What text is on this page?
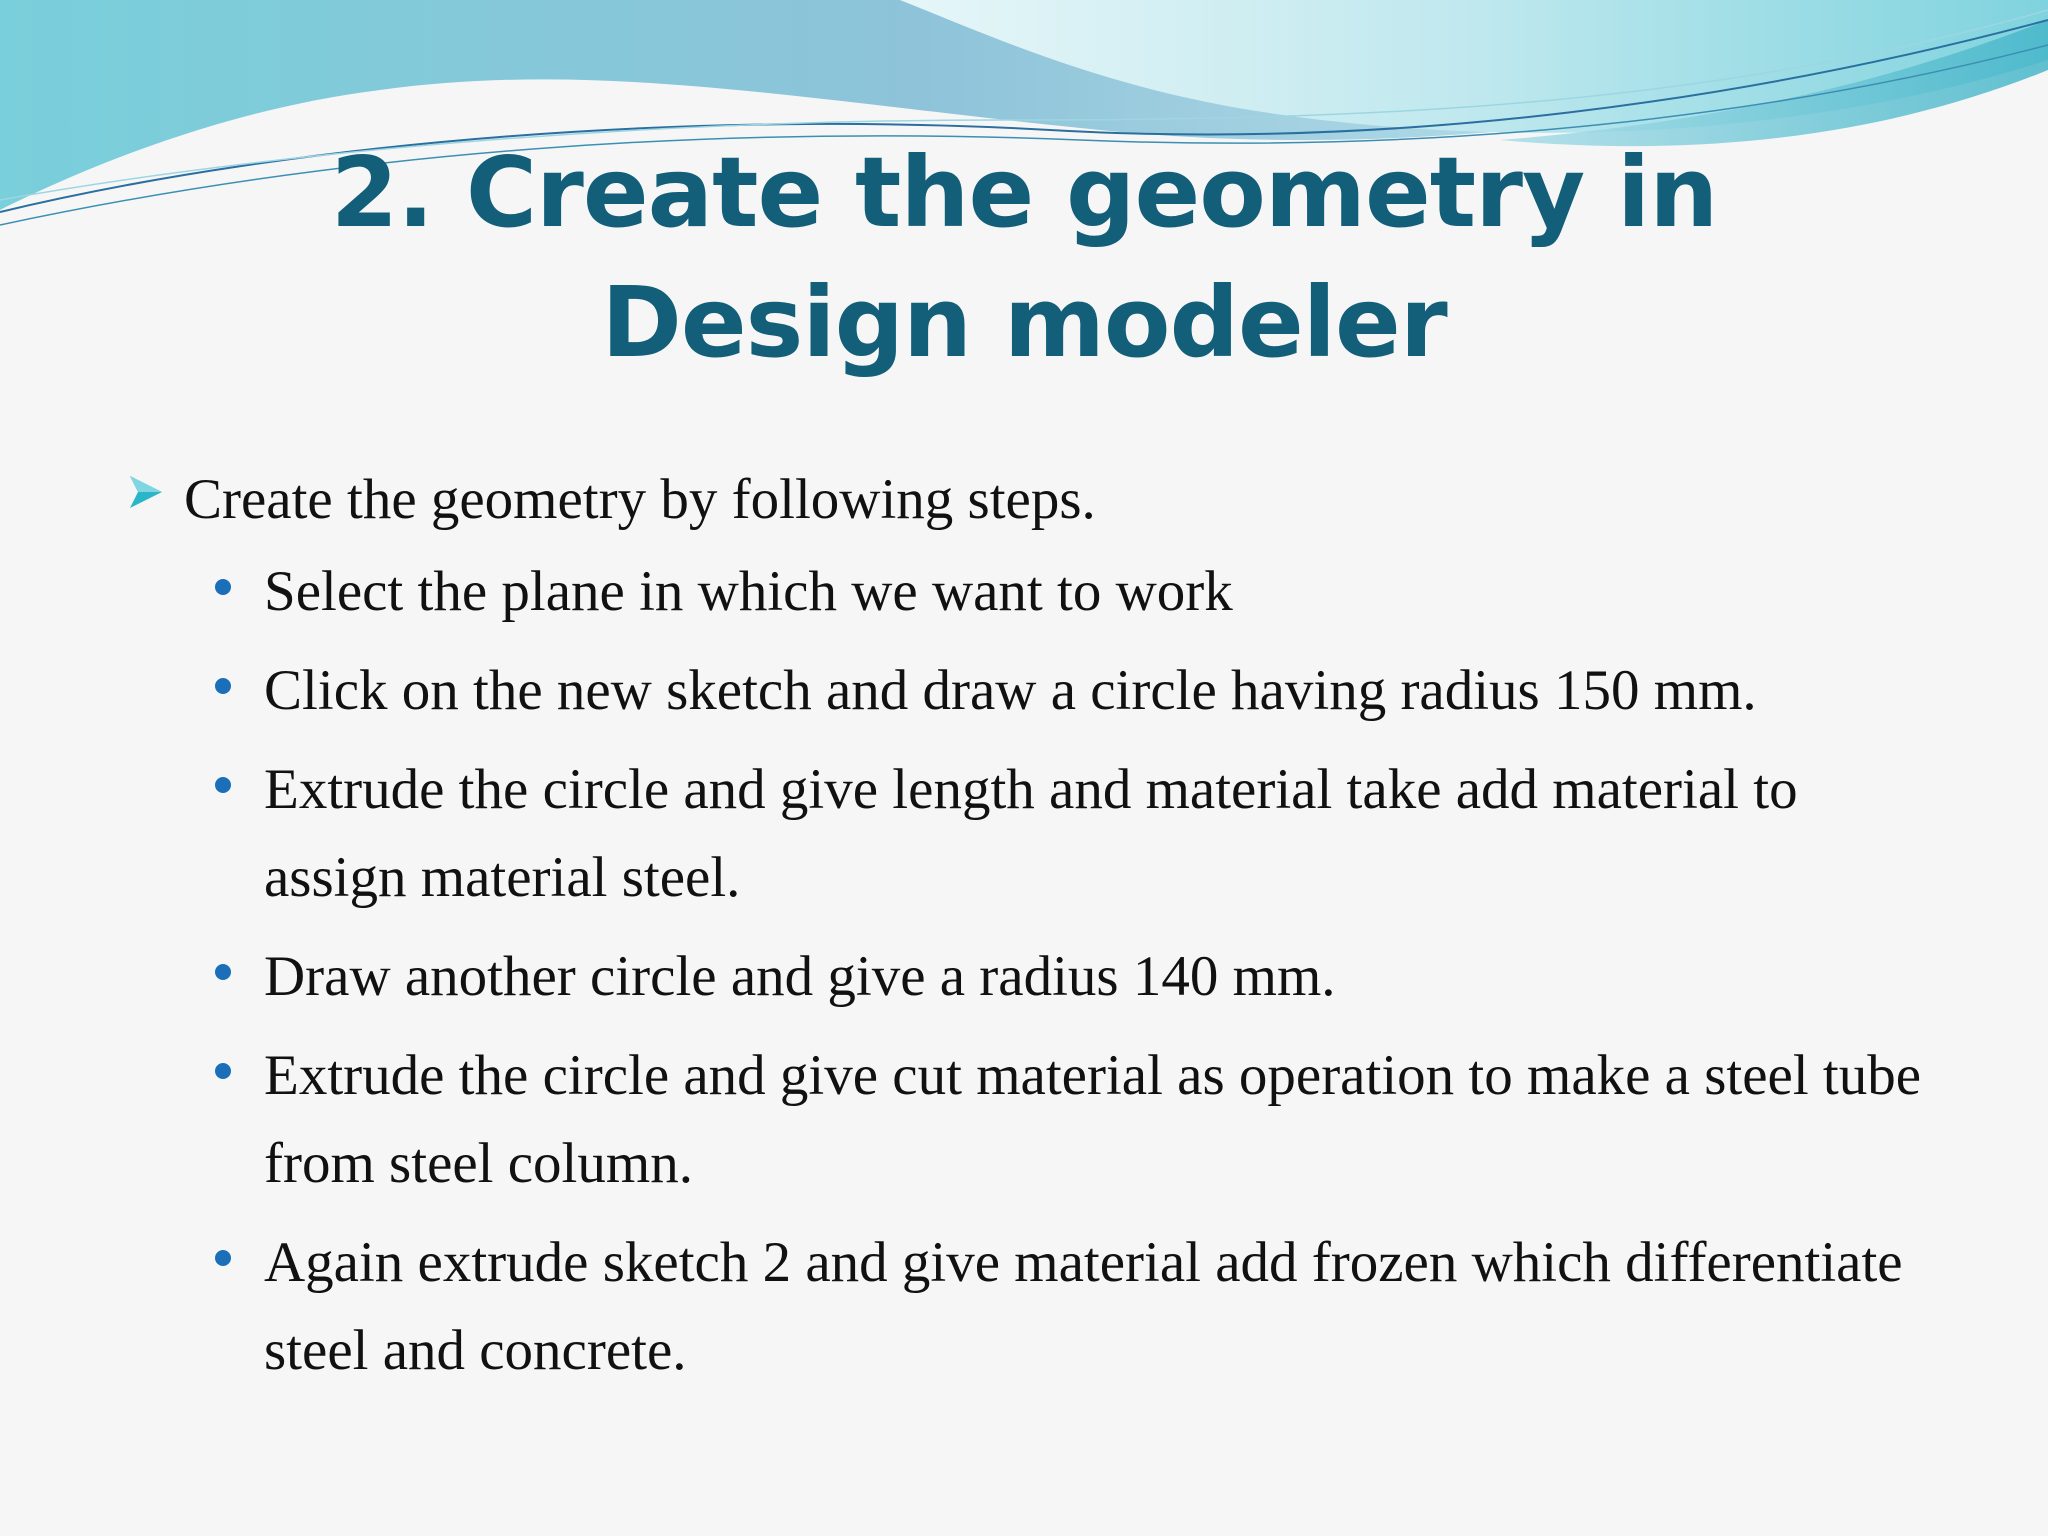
2. Create the geometry in Design modeler
Create the geometry by following steps.
Select the plane in which we want to work
Click on the new sketch and draw a circle having radius 150 mm.
Extrude the circle and give length and material take add material to assign material steel.
Draw another circle and give a radius 140 mm.
Extrude the circle and give cut material as operation to make a steel tube from steel column.
Again extrude sketch 2 and give material add frozen which differentiate steel and concrete.
